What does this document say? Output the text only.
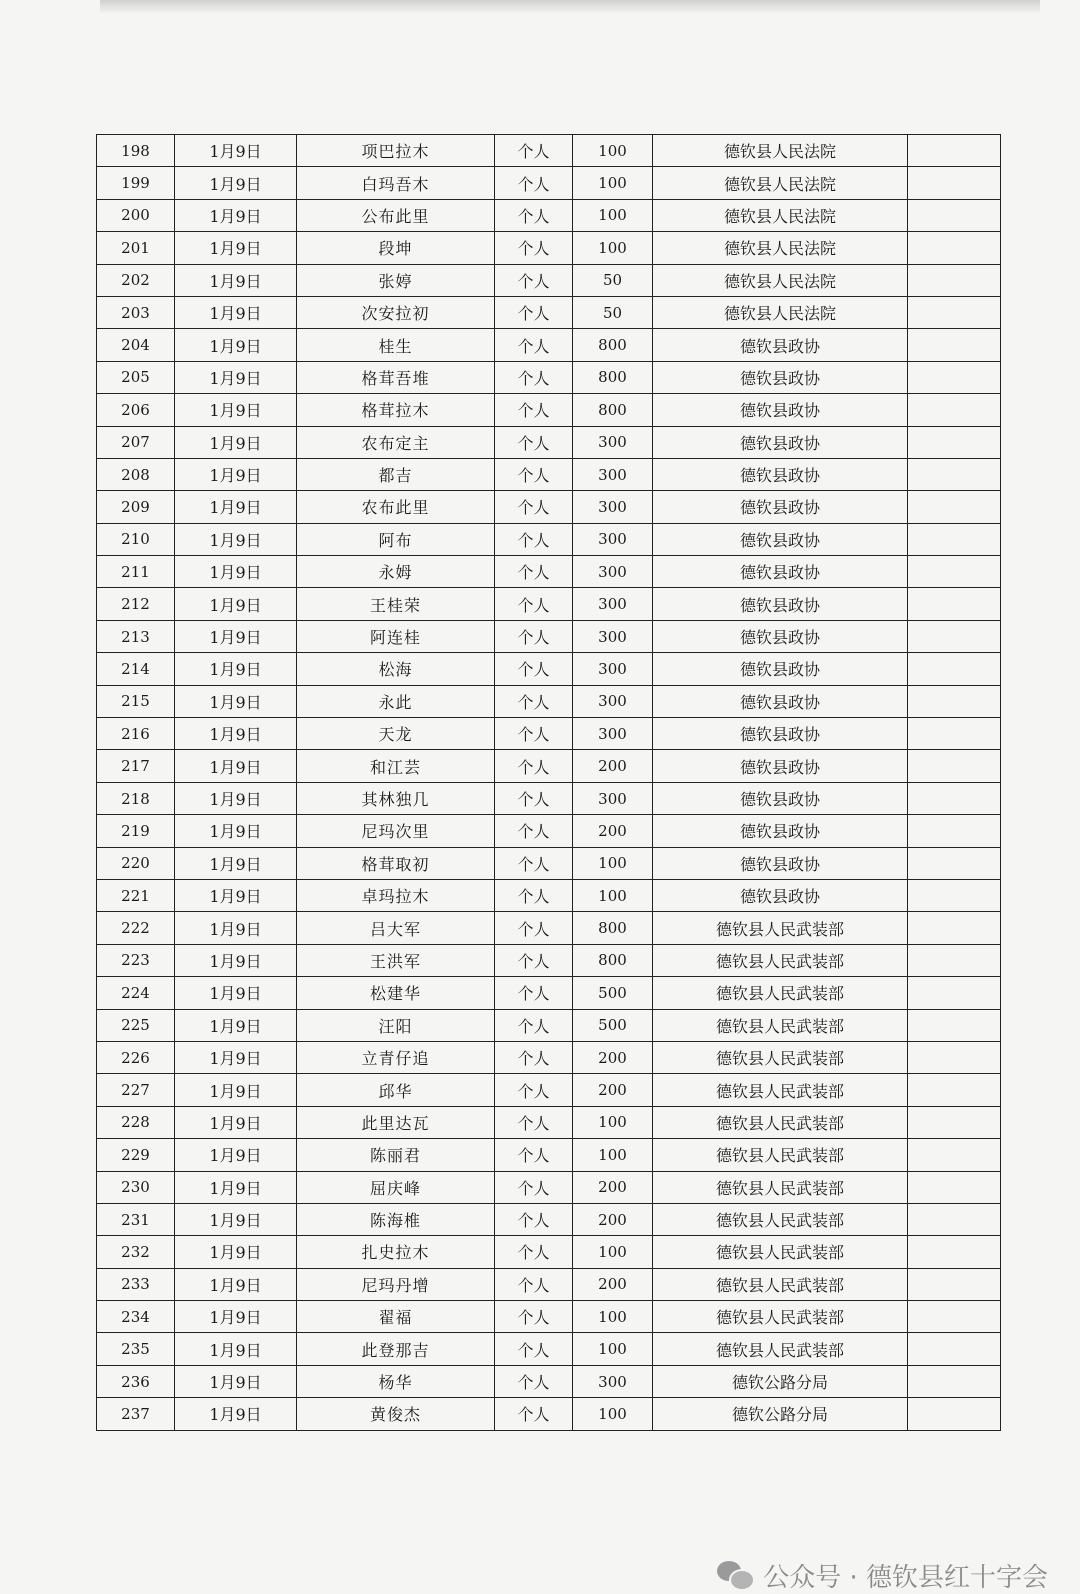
198	1月9日	项巴拉木	个人	100	德钦县人民法院	
199	1月9日	白玛吾木	个人	100	德钦县人民法院	
200	1月9日	公布此里	个人	100	德钦县人民法院	
201	1月9日	段坤	个人	100	德钦县人民法院	
202	1月9日	张婷	个人	50	德钦县人民法院	
203	1月9日	次安拉初	个人	50	德钦县人民法院	
204	1月9日	桂生	个人	800	德钦县政协	
205	1月9日	格茸吾堆	个人	800	德钦县政协	
206	1月9日	格茸拉木	个人	800	德钦县政协	
207	1月9日	农布定主	个人	300	德钦县政协	
208	1月9日	都吉	个人	300	德钦县政协	
209	1月9日	农布此里	个人	300	德钦县政协	
210	1月9日	阿布	个人	300	德钦县政协	
211	1月9日	永姆	个人	300	德钦县政协	
212	1月9日	王桂荣	个人	300	德钦县政协	
213	1月9日	阿连桂	个人	300	德钦县政协	
214	1月9日	松海	个人	300	德钦县政协	
215	1月9日	永此	个人	300	德钦县政协	
216	1月9日	天龙	个人	300	德钦县政协	
217	1月9日	和江芸	个人	200	德钦县政协	
218	1月9日	其林独几	个人	300	德钦县政协	
219	1月9日	尼玛次里	个人	200	德钦县政协	
220	1月9日	格茸取初	个人	100	德钦县政协	
221	1月9日	卓玛拉木	个人	100	德钦县政协	
222	1月9日	吕大军	个人	800	德钦县人民武装部	
223	1月9日	王洪军	个人	800	德钦县人民武装部	
224	1月9日	松建华	个人	500	德钦县人民武装部	
225	1月9日	汪阳	个人	500	德钦县人民武装部	
226	1月9日	立青仔追	个人	200	德钦县人民武装部	
227	1月9日	邱华	个人	200	德钦县人民武装部	
228	1月9日	此里达瓦	个人	100	德钦县人民武装部	
229	1月9日	陈丽君	个人	100	德钦县人民武装部	
230	1月9日	屈庆峰	个人	200	德钦县人民武装部	
231	1月9日	陈海椎	个人	200	德钦县人民武装部	
232	1月9日	扎史拉木	个人	100	德钦县人民武装部	
233	1月9日	尼玛丹增	个人	200	德钦县人民武装部	
234	1月9日	翟福	个人	100	德钦县人民武装部	
235	1月9日	此登那吉	个人	100	德钦县人民武装部	
236	1月9日	杨华	个人	300	德钦公路分局	
237	1月9日	黄俊杰	个人	100	德钦公路分局	
公众号 · 德钦县红十字会
